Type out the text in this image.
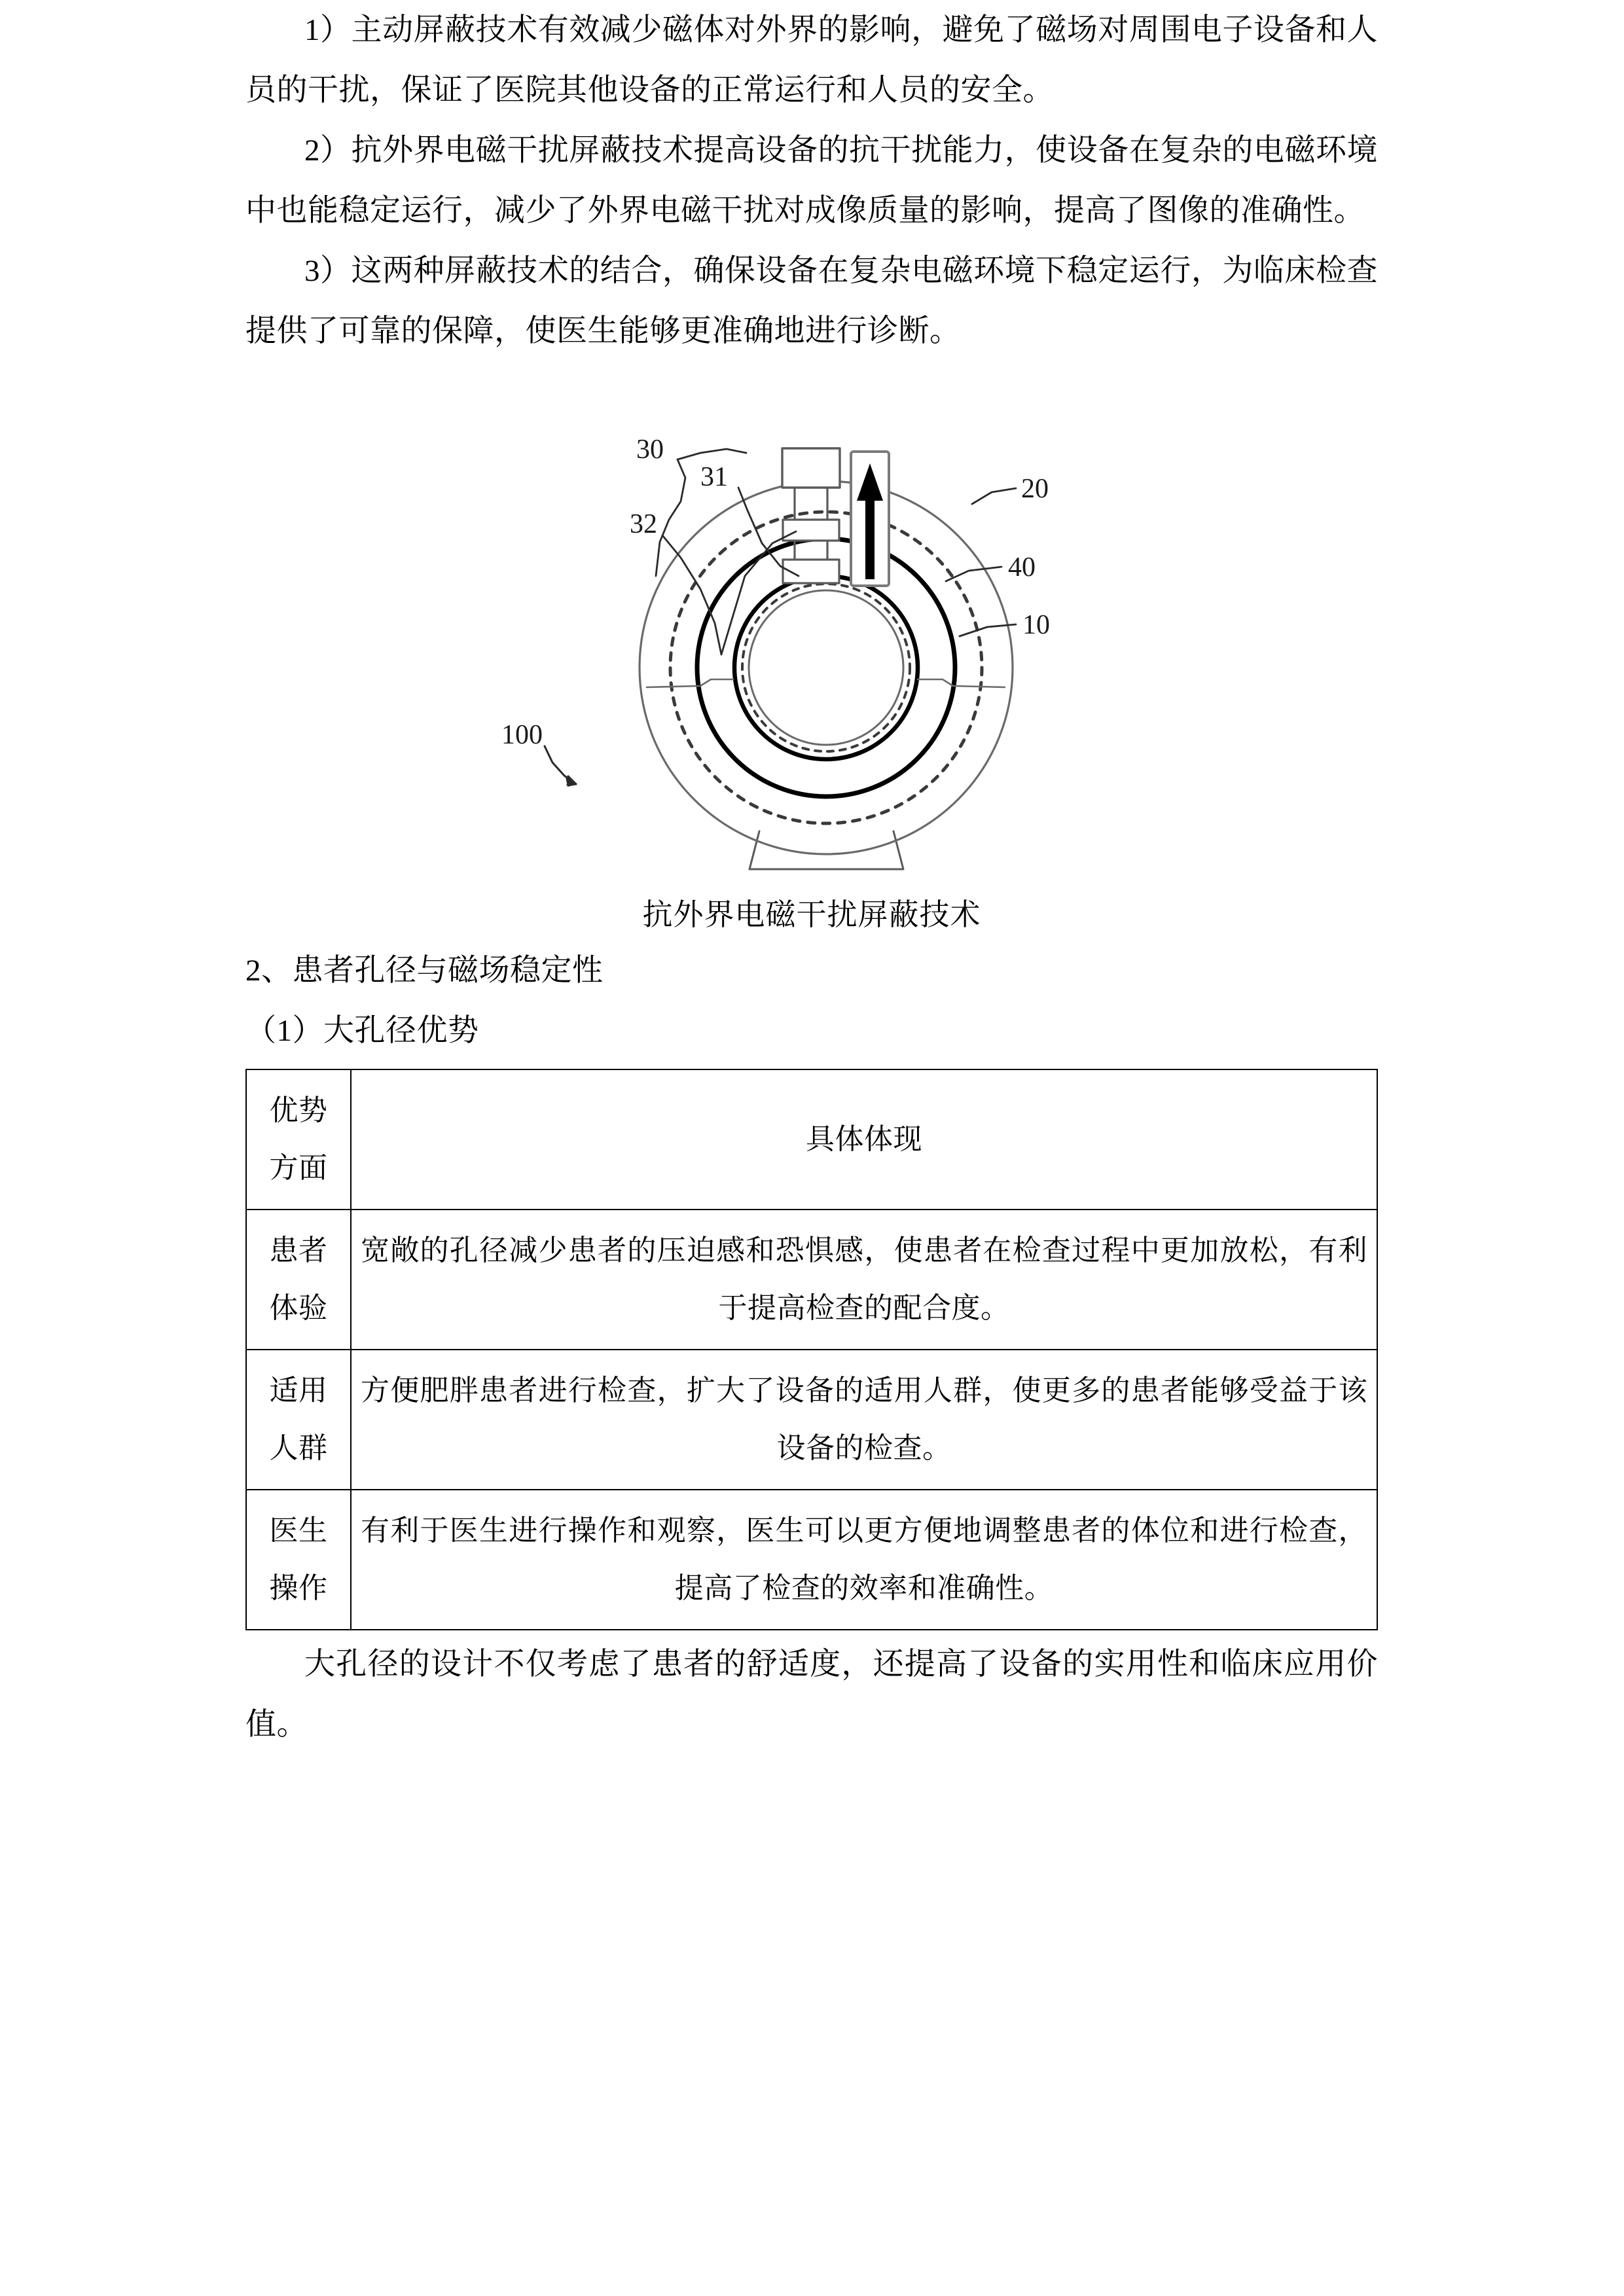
1）主动屏蔽技术有效减少磁体对外界的影响，避免了磁场对周围电子设备和人员的干扰，保证了医院其他设备的正常运行和人员的安全。

2）抗外界电磁干扰屏蔽技术提高设备的抗干扰能力，使设备在复杂的电磁环境中也能稳定运行，减少了外界电磁干扰对成像质量的影响，提高了图像的准确性。

3）这两种屏蔽技术的结合，确保设备在复杂电磁环境下稳定运行，为临床检查提供了可靠的保障，使医生能够更准确地进行诊断。

100
30
31
32
20
40
10
抗外界电磁干扰屏蔽技术
2、患者孔径与磁场稳定性
（1）大孔径优势
优势
方面	具体体现

患者
体验	宽敞的孔径减少患者的压迫感和恐惧感，使患者在检查过程中更加放松，有利于提高检查的配合度。

适用
人群	方便肥胖患者进行检查，扩大了设备的适用人群，使更多的患者能够受益于该设备的检查。

医生
操作	有利于医生进行操作和观察，医生可以更方便地调整患者的体位和进行检查，提高了检查的效率和准确性。

大孔径的设计不仅考虑了患者的舒适度，还提高了设备的实用性和临床应用价值。
